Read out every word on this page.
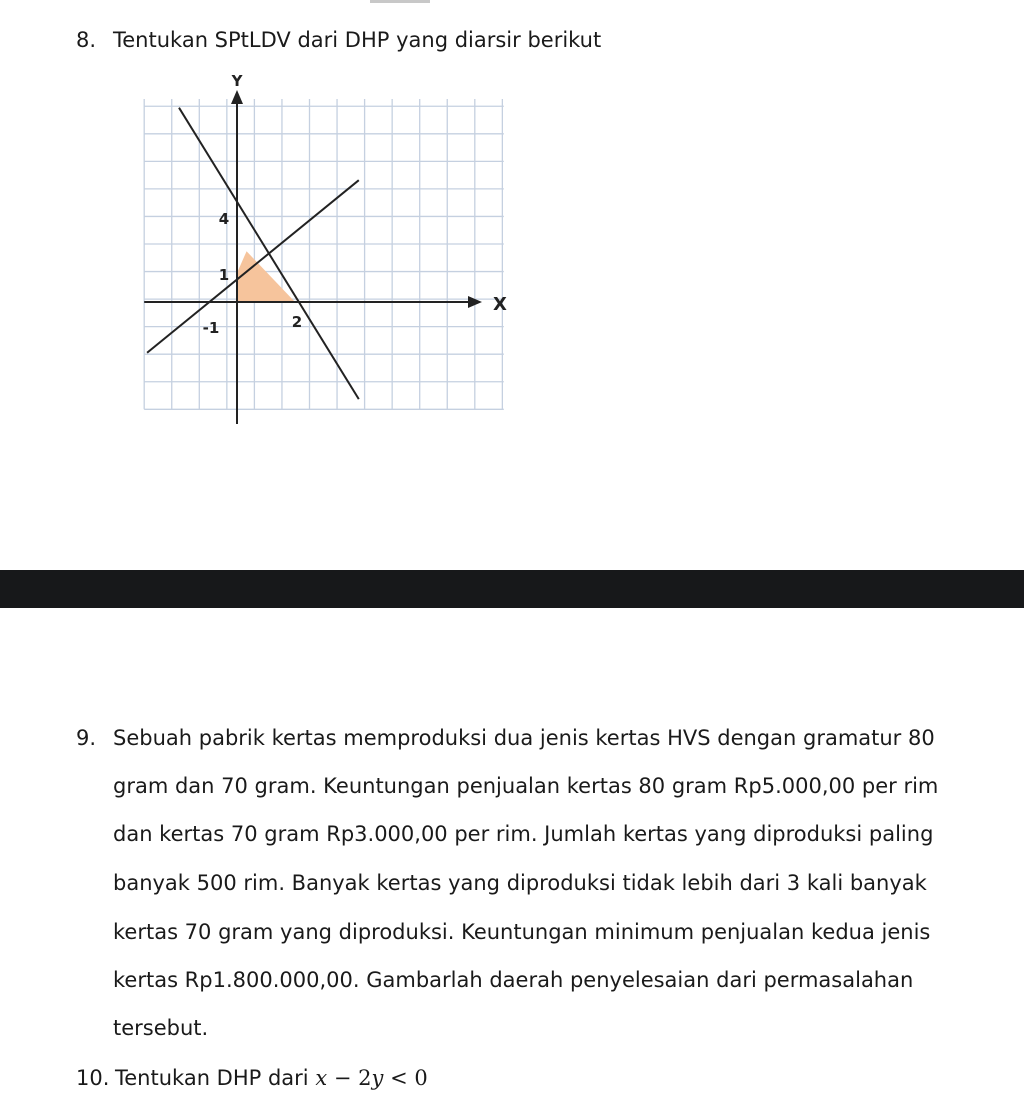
8. Tentukan SPtLDV dari DHP yang diarsir berikut
Y
X
4
1
-1	2
9. Sebuah pabrik kertas memproduksi dua jenis kertas HVS dengan gramatur 80
gram dan 70 gram. Keuntungan penjualan kertas 80 gram Rp5.000,00 per rim
dan kertas 70 gram Rp3.000,00 per rim. Jumlah kertas yang diproduksi paling
banyak 500 rim. Banyak kertas yang diproduksi tidak lebih dari 3 kali banyak
kertas 70 gram yang diproduksi. Keuntungan minimum penjualan kedua jenis
kertas Rp1.800.000,00. Gambarlah daerah penyelesaian dari permasalahan
tersebut.
10. Tentukan DHP dari x − 2y < 0
